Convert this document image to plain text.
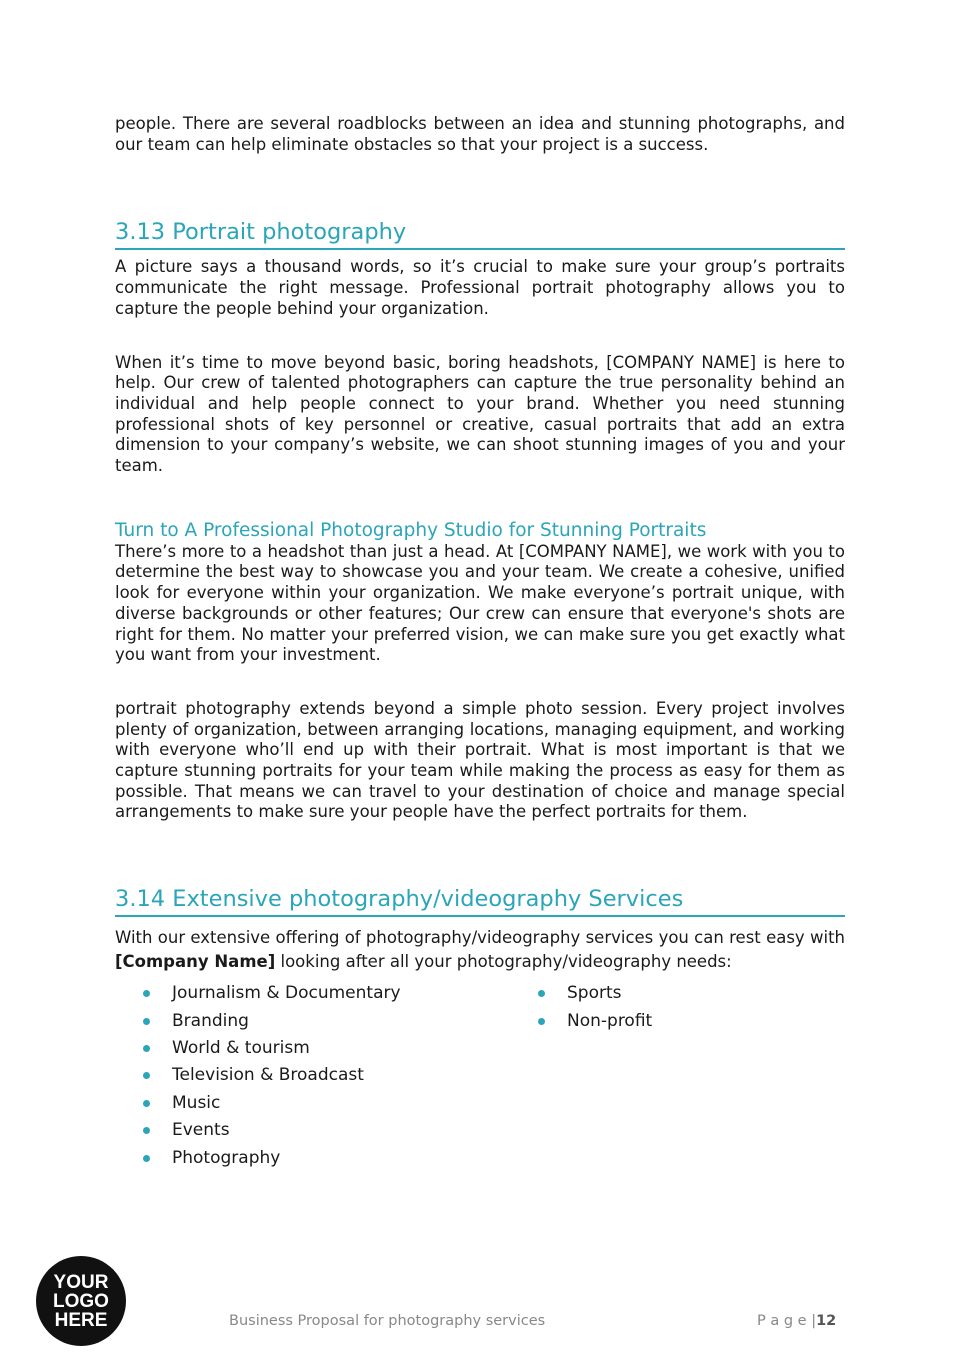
people. There are several roadblocks between an idea and stunning photographs, and our team can help eliminate obstacles so that your project is a success.

3.13 Portrait photography

A picture says a thousand words, so it’s crucial to make sure your group’s portraits communicate the right message. Professional portrait photography allows you to capture the people behind your organization.

When it’s time to move beyond basic, boring headshots, [COMPANY NAME] is here to help. Our crew of talented photographers can capture the true personality behind an individual and help people connect to your brand. Whether you need stunning professional shots of key personnel or creative, casual portraits that add an extra dimension to your company’s website, we can shoot stunning images of you and your team.

Turn to A Professional Photography Studio for Stunning Portraits

There’s more to a headshot than just a head. At [COMPANY NAME], we work with you to determine the best way to showcase you and your team. We create a cohesive, unified look for everyone within your organization. We make everyone’s portrait unique, with diverse backgrounds or other features; Our crew can ensure that everyone's shots are right for them. No matter your preferred vision, we can make sure you get exactly what you want from your investment.

portrait photography extends beyond a simple photo session. Every project involves plenty of organization, between arranging locations, managing equipment, and working with everyone who’ll end up with their portrait. What is most important is that we capture stunning portraits for your team while making the process as easy for them as possible. That means we can travel to your destination of choice and manage special arrangements to make sure your people have the perfect portraits for them.

3.14 Extensive photography/videography Services

With our extensive offering of photography/videography services you can rest easy with [Company Name] looking after all your photography/videography needs:

Journalism & Documentary
Branding
World & tourism
Television & Broadcast
Music
Events
Photography
Sports
Non-profit
YOUR
LOGO
HERE	Business Proposal for photography services	P a g e |12
